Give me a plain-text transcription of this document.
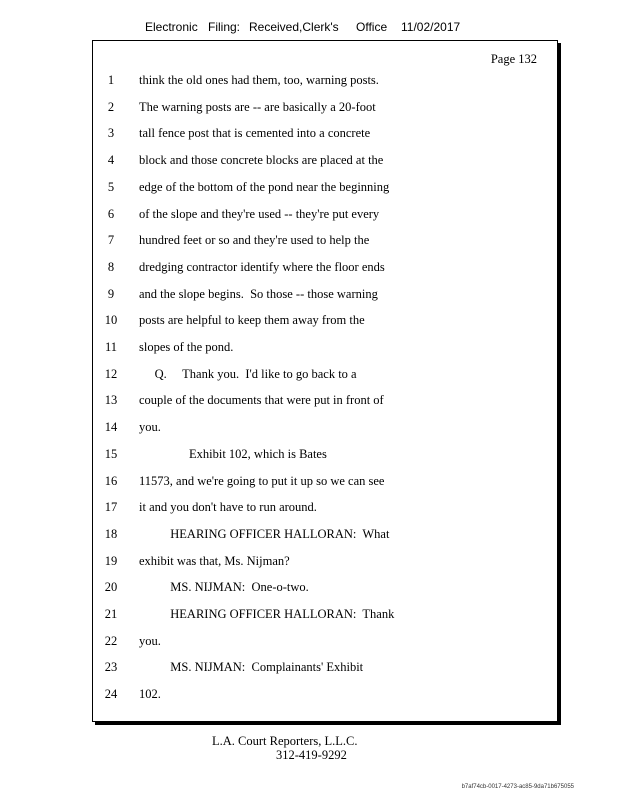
Electronic Filing: Received,Clerk's Office 11/02/2017
Page 132
1	think the old ones had them, too, warning posts.
2	The warning posts are -- are basically a 20-foot
3	tall fence post that is cemented into a concrete
4	block and those concrete blocks are placed at the
5	edge of the bottom of the pond near the beginning
6	of the slope and they're used -- they're put every
7	hundred feet or so and they're used to help the
8	dredging contractor identify where the floor ends
9	and the slope begins.  So those -- those warning
10	posts are helpful to keep them away from the
11	slopes of the pond.
12	Q.     Thank you.  I'd like to go back to a
13	couple of the documents that were put in front of
14	you.
15	Exhibit 102, which is Bates
16	11573, and we're going to put it up so we can see
17	it and you don't have to run around.
18	HEARING OFFICER HALLORAN:  What
19	exhibit was that, Ms. Nijman?
20	MS. NIJMAN:  One-o-two.
21	HEARING OFFICER HALLORAN:  Thank
22	you.
23	MS. NIJMAN:  Complainants' Exhibit
24	102.
L.A. Court Reporters, L.L.C.
312-419-9292
b7af74cb-0017-4273-ac85-9da71b675055
